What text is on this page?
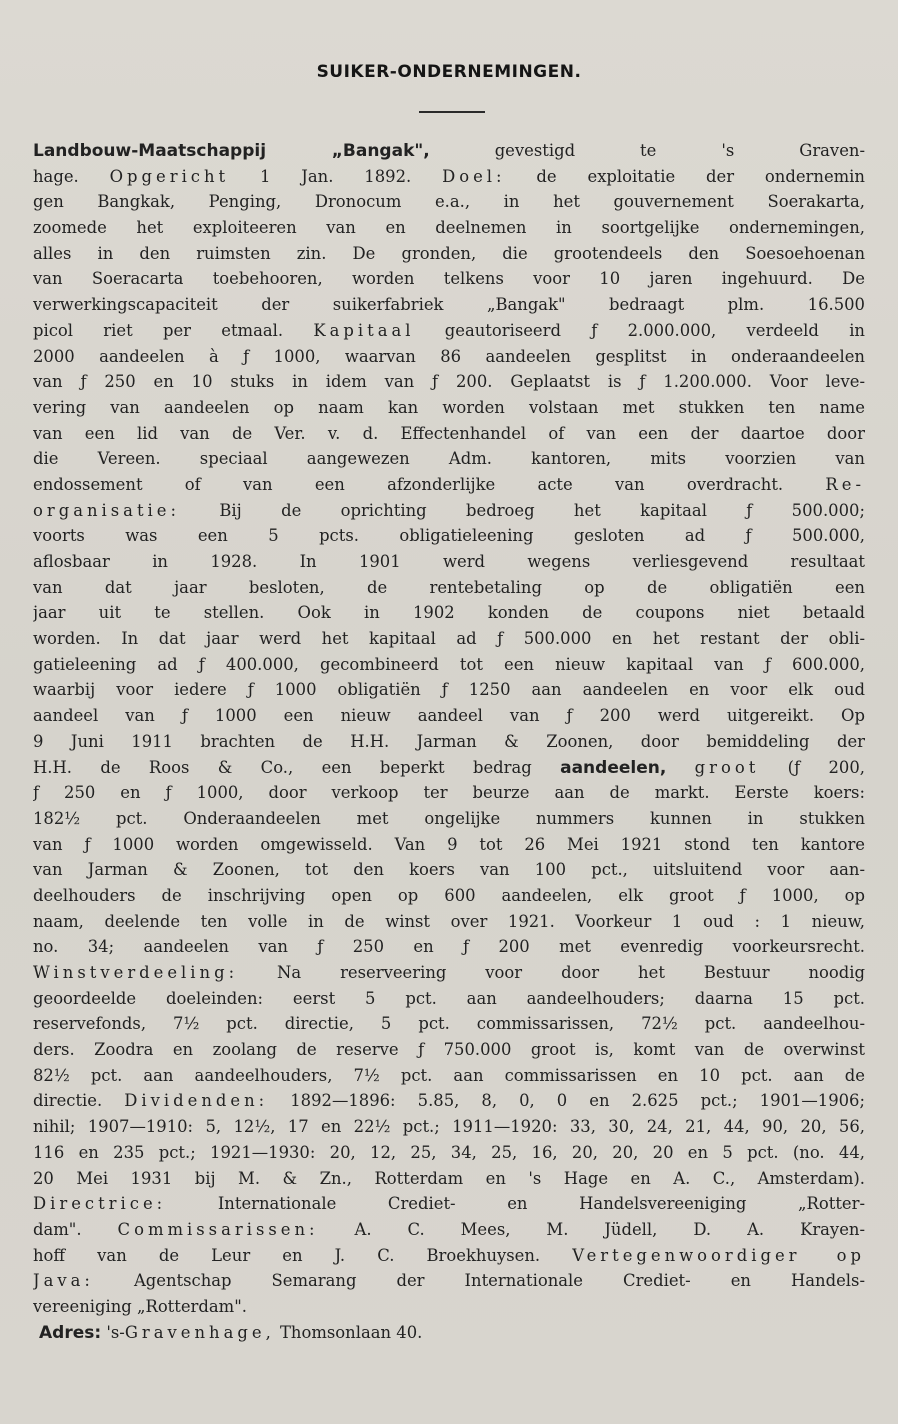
SUIKER-ONDERNEMINGEN.
Landbouw-Maatschappij „Bangak", gevestigd te 's Graven-
hage. Opgericht 1 Jan. 1892. Doel: de exploitatie der ondernemin
gen Bangkak, Penging, Dronocum e.a., in het gouvernement Soerakarta,
zoomede het exploiteeren van en deelnemen in soortgelijke ondernemingen,
alles in den ruimsten zin. De gronden, die grootendeels den Soesoehoenan
van Soeracarta toebehooren, worden telkens voor 10 jaren ingehuurd. De
verwerkingscapaciteit der suikerfabriek „Bangak" bedraagt plm. 16.500
picol riet per etmaal. Kapitaal geautoriseerd ƒ 2.000.000, verdeeld in
2000 aandeelen à ƒ 1000, waarvan 86 aandeelen gesplitst in onderaandeelen
van ƒ 250 en 10 stuks in idem van ƒ 200. Geplaatst is ƒ 1.200.000. Voor leve-
vering van aandeelen op naam kan worden volstaan met stukken ten name
van een lid van de Ver. v. d. Effectenhandel of van een der daartoe door
die Vereen. speciaal aangewezen Adm. kantoren, mits voorzien van
endossement of van een afzonderlijke acte van overdracht. Re-
organisatie: Bij de oprichting bedroeg het kapitaal ƒ 500.000;
voorts was een 5 pcts. obligatieleening gesloten ad ƒ 500.000,
aflosbaar in 1928. In 1901 werd wegens verliesgevend resultaat
van dat jaar besloten, de rentebetaling op de obligatiën een
jaar uit te stellen. Ook in 1902 konden de coupons niet betaald
worden. In dat jaar werd het kapitaal ad ƒ 500.000 en het restant der obli-
gatieleening ad ƒ 400.000, gecombineerd tot een nieuw kapitaal van ƒ 600.000,
waarbij voor iedere ƒ 1000 obligatiën ƒ 1250 aan aandeelen en voor elk oud
aandeel van ƒ 1000 een nieuw aandeel van ƒ 200 werd uitgereikt. Op
9 Juni 1911 brachten de H.H. Jarman & Zoonen, door bemiddeling der
H.H. de Roos & Co., een beperkt bedrag aandeelen, groot (ƒ 200,
ƒ 250 en ƒ 1000, door verkoop ter beurze aan de markt. Eerste koers:
182½ pct. Onderaandeelen met ongelijke nummers kunnen in stukken
van ƒ 1000 worden omgewisseld. Van 9 tot 26 Mei 1921 stond ten kantore
van Jarman & Zoonen, tot den koers van 100 pct., uitsluitend voor aan-
deelhouders de inschrijving open op 600 aandeelen, elk groot ƒ 1000, op
naam, deelende ten volle in de winst over 1921. Voorkeur 1 oud : 1 nieuw,
no. 34; aandeelen van ƒ 250 en ƒ 200 met evenredig voorkeursrecht.
Winstverdeeling: Na reserveering voor door het Bestuur noodig
geoordeelde doeleinden: eerst 5 pct. aan aandeelhouders; daarna 15 pct.
reservefonds, 7½ pct. directie, 5 pct. commissarissen, 72½ pct. aandeelhou-
ders. Zoodra en zoolang de reserve ƒ 750.000 groot is, komt van de overwinst
82½ pct. aan aandeelhouders, 7½ pct. aan commissarissen en 10 pct. aan de
directie. Dividenden: 1892—1896: 5.85, 8, 0, 0 en 2.625 pct.; 1901—1906;
nihil; 1907—1910: 5, 12½, 17 en 22½ pct.; 1911—1920: 33, 30, 24, 21, 44, 90, 20, 56,
116 en 235 pct.; 1921—1930: 20, 12, 25, 34, 25, 16, 20, 20, 20 en 5 pct. (no. 44,
20 Mei 1931 bij M. & Zn., Rotterdam en 's Hage en A. C., Amsterdam).
Directrice: Internationale Crediet- en Handelsvereeniging „Rotter-
dam". Commissarissen: A. C. Mees, M. Jüdell, D. A. Krayen-
hoff van de Leur en J. C. Broekhuysen. Vertegenwoordiger op
Java: Agentschap Semarang der Internationale Crediet- en Handels-
vereeniging „Rotterdam".
Adres: 's-Gravenhage, Thomsonlaan 40.
